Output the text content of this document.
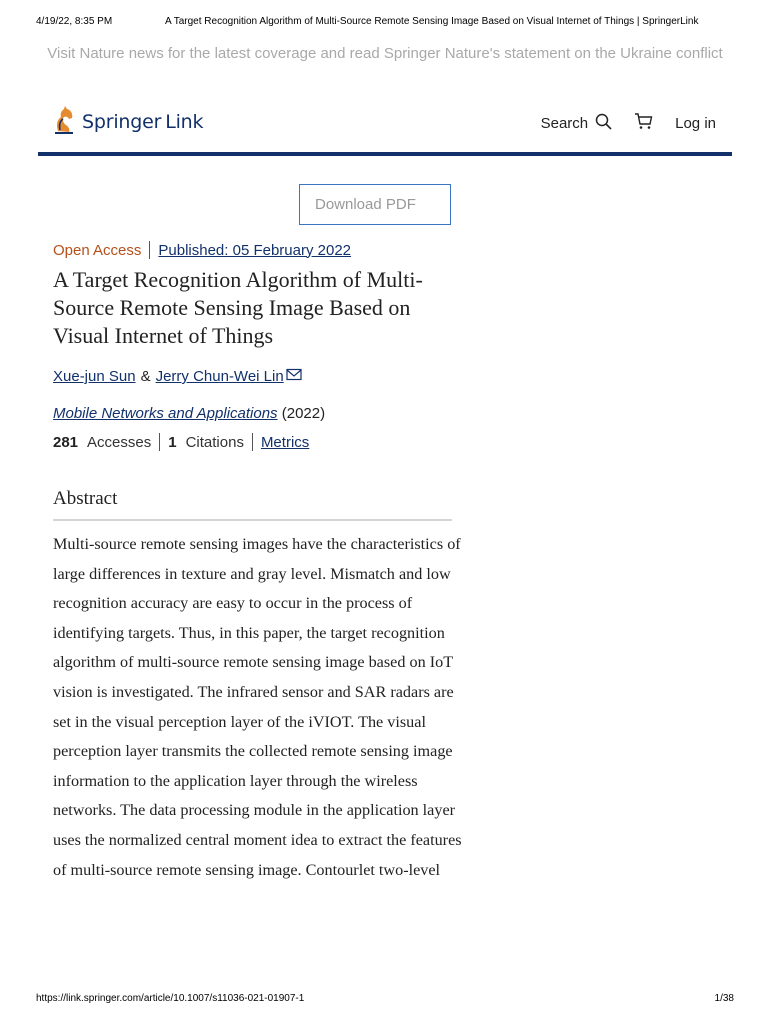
4/19/22, 8:35 PM	A Target Recognition Algorithm of Multi-Source Remote Sensing Image Based on Visual Internet of Things | SpringerLink
Visit Nature news for the latest coverage and read Springer Nature's statement on the Ukraine conflict
Springer Link	Search	Log in
Download PDF
Open Access Published: 05 February 2022
A Target Recognition Algorithm of Multi-Source Remote Sensing Image Based on Visual Internet of Things
Xue-jun Sun & Jerry Chun-Wei Lin
Mobile Networks and Applications (2022)
281 Accesses 1 Citations Metrics
Abstract

Multi-source remote sensing images have the characteristics of large differences in texture and gray level. Mismatch and low recognition accuracy are easy to occur in the process of identifying targets. Thus, in this paper, the target recognition algorithm of multi-source remote sensing image based on IoT vision is investigated. The infrared sensor and SAR radars are set in the visual perception layer of the iVIOT. The visual perception layer transmits the collected remote sensing image information to the application layer through the wireless networks. The data processing module in the application layer uses the normalized central moment idea to extract the features of multi-source remote sensing image. Contourlet two-level

https://link.springer.com/article/10.1007/s11036-021-01907-1	1/38
